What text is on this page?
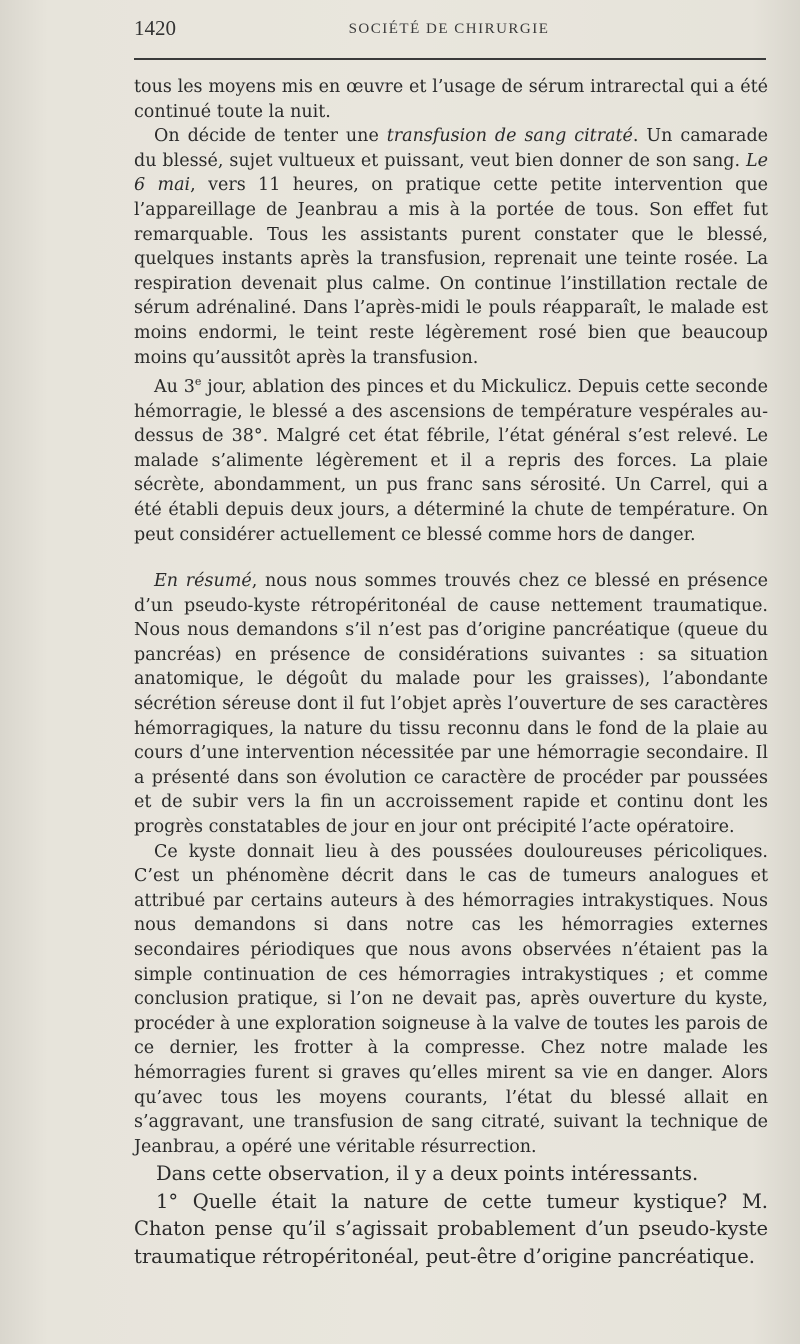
1420	SOCIÉTÉ DE CHIRURGIE

tous les moyens mis en œuvre et l’usage de sérum intrarectal qui a été continué toute la nuit.

On décide de tenter une transfusion de sang citraté. Un camarade du blessé, sujet vultueux et puissant, veut bien donner de son sang. Le 6 mai, vers 11 heures, on pratique cette petite intervention que l’appareillage de Jeanbrau a mis à la portée de tous. Son effet fut remarquable. Tous les assistants purent constater que le blessé, quelques instants après la transfusion, reprenait une teinte rosée. La respiration devenait plus calme. On continue l’instillation rectale de sérum adrénaliné. Dans l’après-midi le pouls réapparaît, le malade est moins endormi, le teint reste légèrement rosé bien que beaucoup moins qu’aussitôt après la transfusion.

Au 3e jour, ablation des pinces et du Mickulicz. Depuis cette seconde hémorragie, le blessé a des ascensions de température vespérales au-dessus de 38°. Malgré cet état fébrile, l’état général s’est relevé. Le malade s’alimente légèrement et il a repris des forces. La plaie sécrète, abondamment, un pus franc sans sérosité. Un Carrel, qui a été établi depuis deux jours, a déterminé la chute de température. On peut considérer actuellement ce blessé comme hors de danger.

En résumé, nous nous sommes trouvés chez ce blessé en présence d’un pseudo-kyste rétropéritonéal de cause nettement traumatique. Nous nous demandons s’il n’est pas d’origine pancréatique (queue du pancréas) en présence de considérations suivantes : sa situation anatomique, le dégoût du malade pour les graisses), l’abondante sécrétion séreuse dont il fut l’objet après l’ouverture de ses caractères hémorragiques, la nature du tissu reconnu dans le fond de la plaie au cours d’une intervention nécessitée par une hémorragie secondaire. Il a présenté dans son évolution ce caractère de procéder par poussées et de subir vers la fin un accroissement rapide et continu dont les progrès constatables de jour en jour ont précipité l’acte opératoire.

Ce kyste donnait lieu à des poussées douloureuses péricoliques. C’est un phénomène décrit dans le cas de tumeurs analogues et attribué par certains auteurs à des hémorragies intrakystiques. Nous nous demandons si dans notre cas les hémorragies externes secondaires périodiques que nous avons observées n’étaient pas la simple continuation de ces hémorragies intrakystiques ; et comme conclusion pratique, si l’on ne devait pas, après ouverture du kyste, procéder à une exploration soigneuse à la valve de toutes les parois de ce dernier, les frotter à la compresse. Chez notre malade les hémorragies furent si graves qu’elles mirent sa vie en danger. Alors qu’avec tous les moyens courants, l’état du blessé allait en s’aggravant, une transfusion de sang citraté, suivant la technique de Jeanbrau, a opéré une véritable résurrection.

Dans cette observation, il y a deux points intéressants.

1° Quelle était la nature de cette tumeur kystique? M. Chaton pense qu’il s’agissait probablement d’un pseudo-kyste traumatique rétropéritonéal, peut-être d’origine pancréatique.
